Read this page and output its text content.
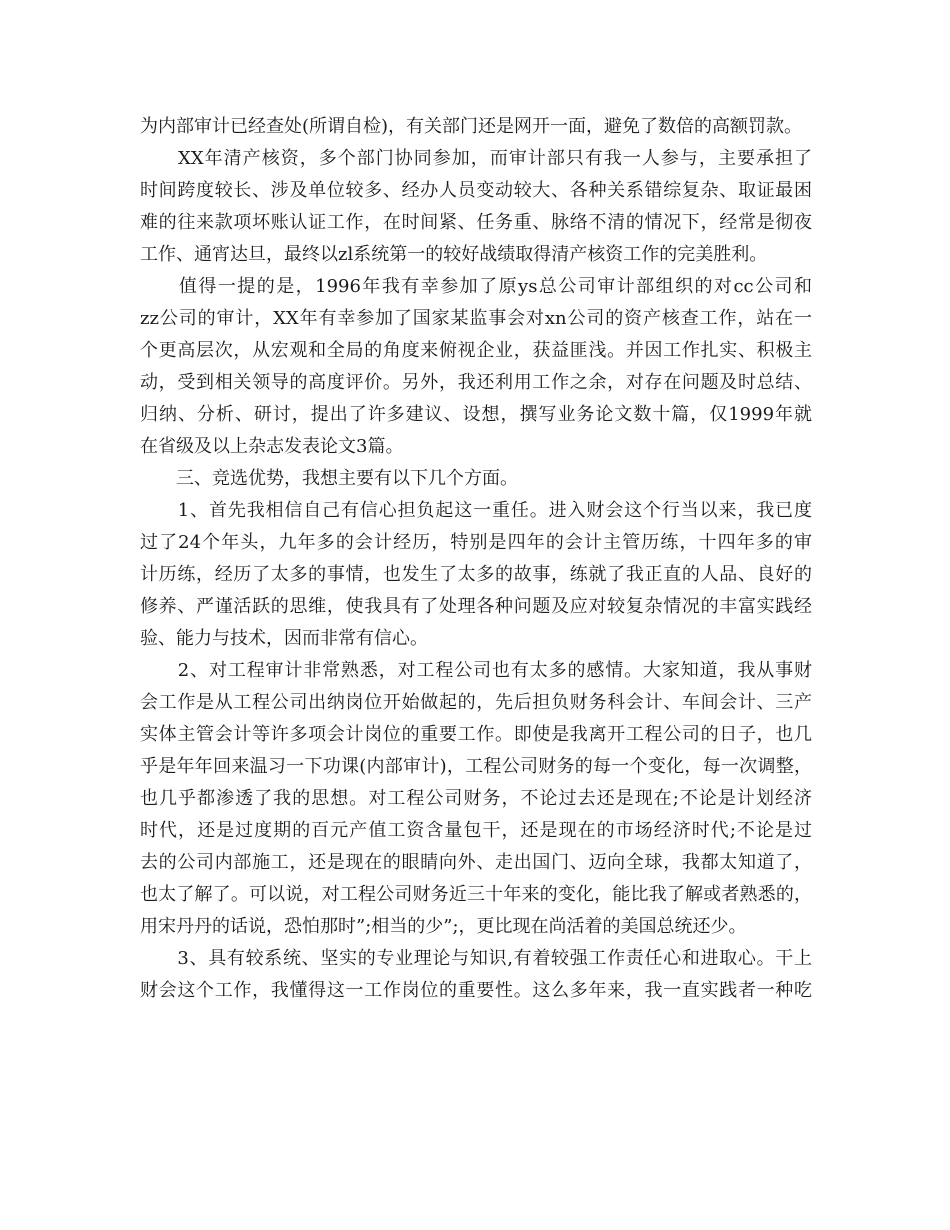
为内部审计已经查处(所谓自检)，有关部门还是网开一面，避免了数倍的高额罚款。
　　XX年清产核资，多个部门协同参加，而审计部只有我一人参与，主要承担了
时间跨度较长、涉及单位较多、经办人员变动较大、各种关系错综复杂、取证最困
难的往来款项坏账认证工作，在时间紧、任务重、脉络不清的情况下，经常是彻夜
工作、通宵达旦，最终以zl系统第一的较好战绩取得清产核资工作的完美胜利。
　　值得一提的是，1996年我有幸参加了原ys总公司审计部组织的对cc公司和
zz公司的审计，XX年有幸参加了国家某监事会对xn公司的资产核查工作，站在一
个更高层次，从宏观和全局的角度来俯视企业，获益匪浅。并因工作扎实、积极主
动，受到相关领导的高度评价。另外，我还利用工作之余，对存在问题及时总结、
归纳、分析、研讨，提出了许多建议、设想，撰写业务论文数十篇，仅1999年就
在省级及以上杂志发表论文3篇。
　　三、竞选优势，我想主要有以下几个方面。
　　1、首先我相信自己有信心担负起这一重任。进入财会这个行当以来，我已度
过了24个年头，九年多的会计经历，特别是四年的会计主管历练，十四年多的审
计历练，经历了太多的事情，也发生了太多的故事，练就了我正直的人品、良好的
修养、严谨活跃的思维，使我具有了处理各种问题及应对较复杂情况的丰富实践经
验、能力与技术，因而非常有信心。
　　2、对工程审计非常熟悉，对工程公司也有太多的感情。大家知道，我从事财
会工作是从工程公司出纳岗位开始做起的，先后担负财务科会计、车间会计、三产
实体主管会计等许多项会计岗位的重要工作。即使是我离开工程公司的日子，也几
乎是年年回来温习一下功课(内部审计)，工程公司财务的每一个变化，每一次调整，
也几乎都渗透了我的思想。对工程公司财务，不论过去还是现在;不论是计划经济
时代，还是过度期的百元产值工资含量包干，还是现在的市场经济时代;不论是过
去的公司内部施工，还是现在的眼睛向外、走出国门、迈向全球，我都太知道了，
也太了解了。可以说，对工程公司财务近三十年来的变化，能比我了解或者熟悉的，
用宋丹丹的话说，恐怕那时”;相当的少”;，更比现在尚活着的美国总统还少。
　　3、具有较系统、坚实的专业理论与知识,有着较强工作责任心和进取心。干上
财会这个工作，我懂得这一工作岗位的重要性。这么多年来，我一直实践者一种吃
